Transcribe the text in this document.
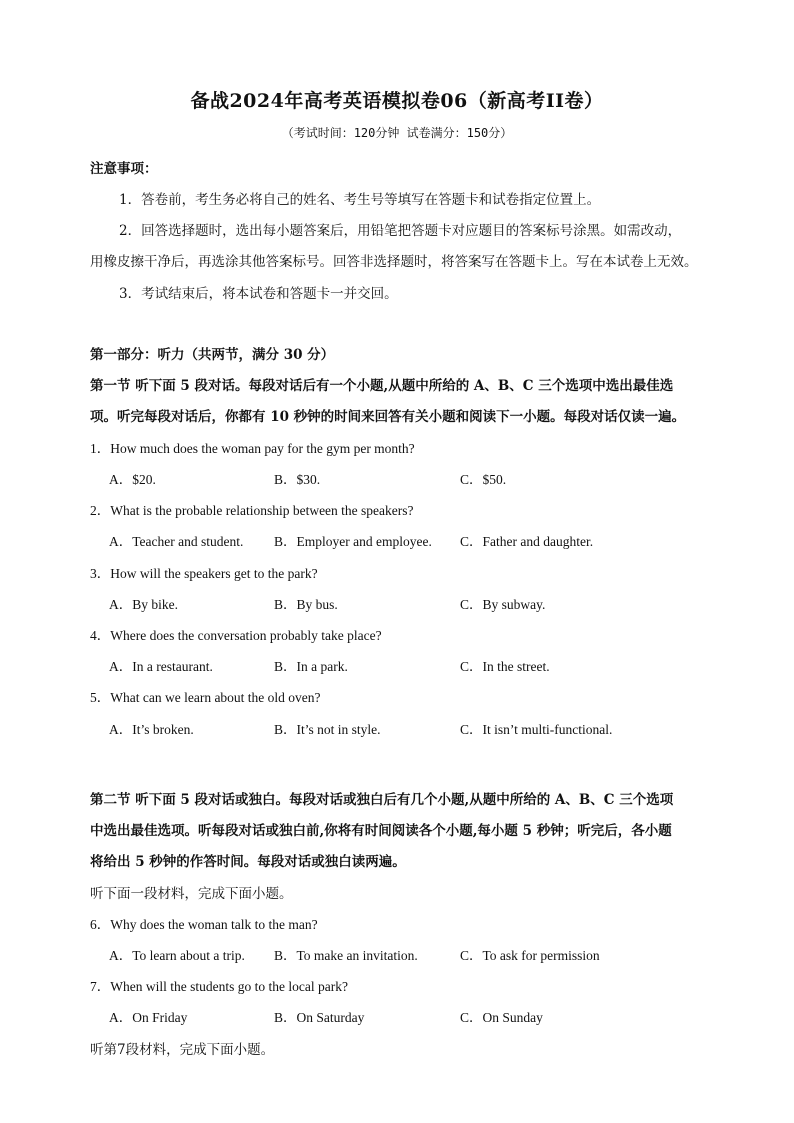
备战2024年高考英语模拟卷06（新高考II卷）
（考试时间：120分钟 试卷满分：150分）
注意事项：
1．答卷前，考生务必将自己的姓名、考生号等填写在答题卡和试卷指定位置上。
2．回答选择题时，选出每小题答案后，用铅笔把答题卡对应题目的答案标号涂黑。如需改动，
用橡皮擦干净后，再选涂其他答案标号。回答非选择题时，将答案写在答题卡上。写在本试卷上无效。
3．考试结束后，将本试卷和答题卡一并交回。
第一部分：听力（共两节，满分 30 分）
第一节 听下面 5 段对话。每段对话后有一个小题,从题中所给的 A、B、C 三个选项中选出最佳选
项。听完每段对话后，你都有 10 秒钟的时间来回答有关小题和阅读下一小题。每段对话仅读一遍。
1．How much does the woman pay for the gym per month?
A．$20.	B．$30.	C．$50.
2．What is the probable relationship between the speakers?
A．Teacher and student. B．Employer and employee. C．Father and daughter.
3．How will the speakers get to the park?
A．By bike.	B．By bus.	C．By subway.
4．Where does the conversation probably take place?
A．In a restaurant.	B．In a park.	C．In the street.
5．What can we learn about the old oven?
A．It’s broken.	B．It’s not in style.	C．It isn’t multi-functional.
第二节 听下面 5 段对话或独白。每段对话或独白后有几个小题,从题中所给的 A、B、C 三个选项
中选出最佳选项。听每段对话或独白前,你将有时间阅读各个小题,每小题 5 秒钟；听完后，各小题
将给出 5 秒钟的作答时间。每段对话或独白读两遍。
听下面一段材料，完成下面小题。
6．Why does the woman talk to the man?
A．To learn about a trip. B．To make an invitation.	C．To ask for permission
7．When will the students go to the local park?
A．On Friday	B．On Saturday	C．On Sunday
听第7段材料，完成下面小题。
